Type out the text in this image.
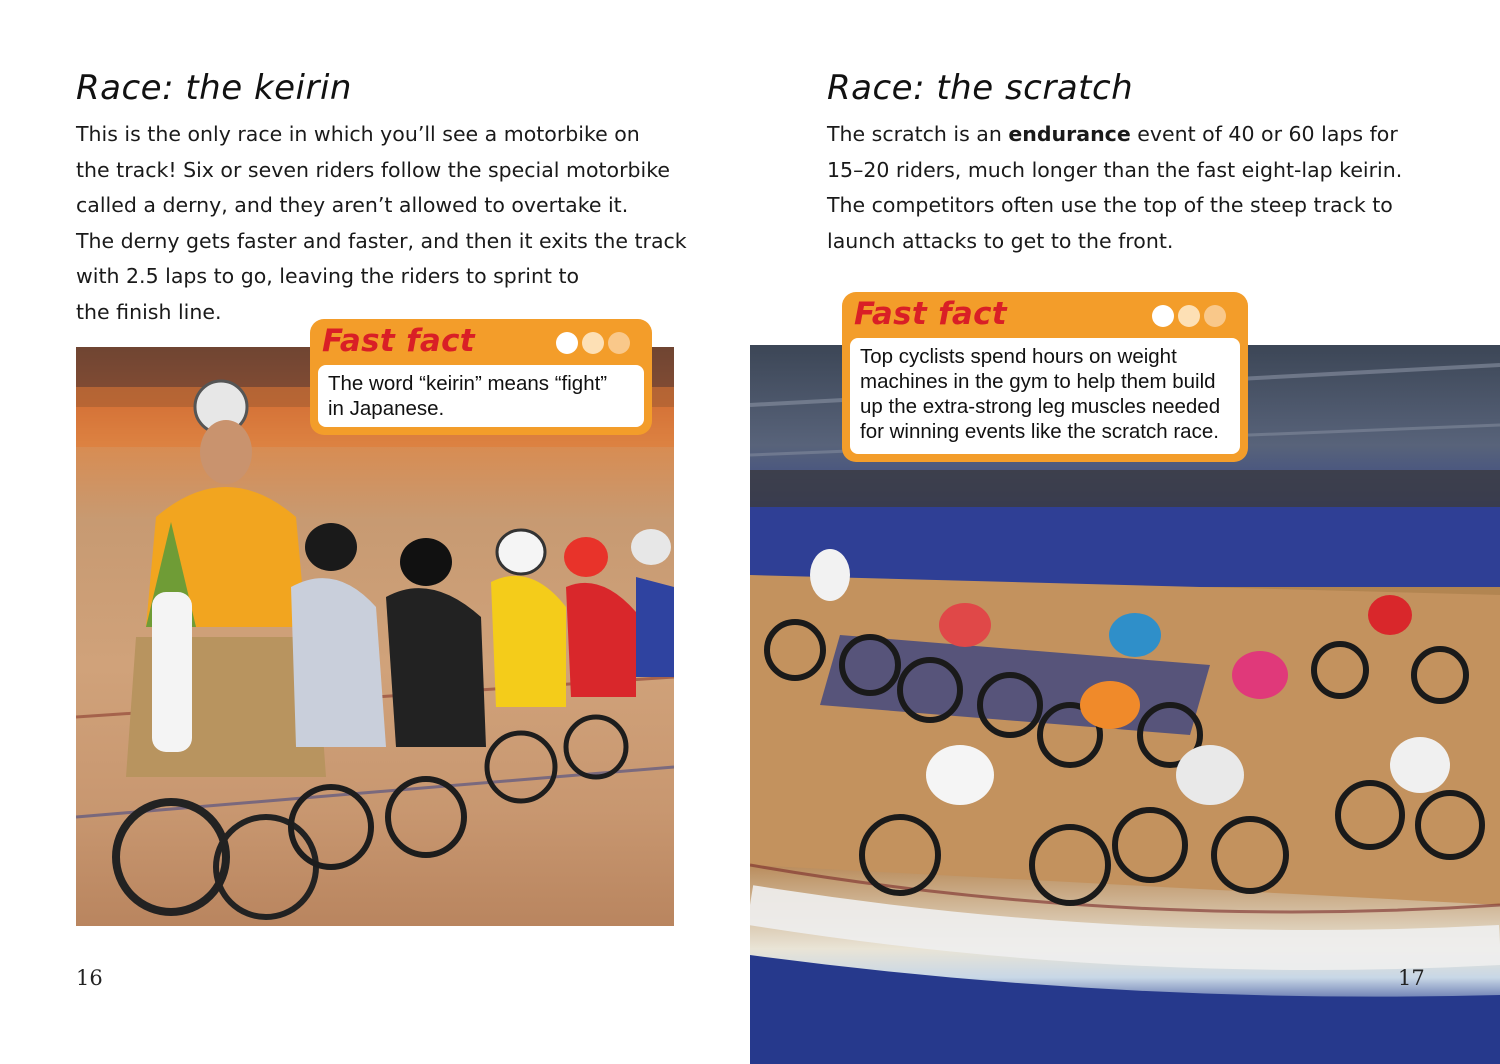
Race: the keirin
This is the only race in which you’ll see a motorbike on
the track! Six or seven riders follow the special motorbike
called a derny, and they aren’t allowed to overtake it.
The derny gets faster and faster, and then it exits the track
with 2.5 laps to go, leaving the riders to sprint to
the finish line.
Fast fact
The word “keirin” means “fight”
in Japanese.
16
Race: the scratch
The scratch is an endurance event of 40 or 60 laps for
15–20 riders, much longer than the fast eight-lap keirin.
The competitors often use the top of the steep track to
launch attacks to get to the front.
Fast fact
Top cyclists spend hours on weight
machines in the gym to help them build
up the extra-strong leg muscles needed
for winning events like the scratch race.
17
